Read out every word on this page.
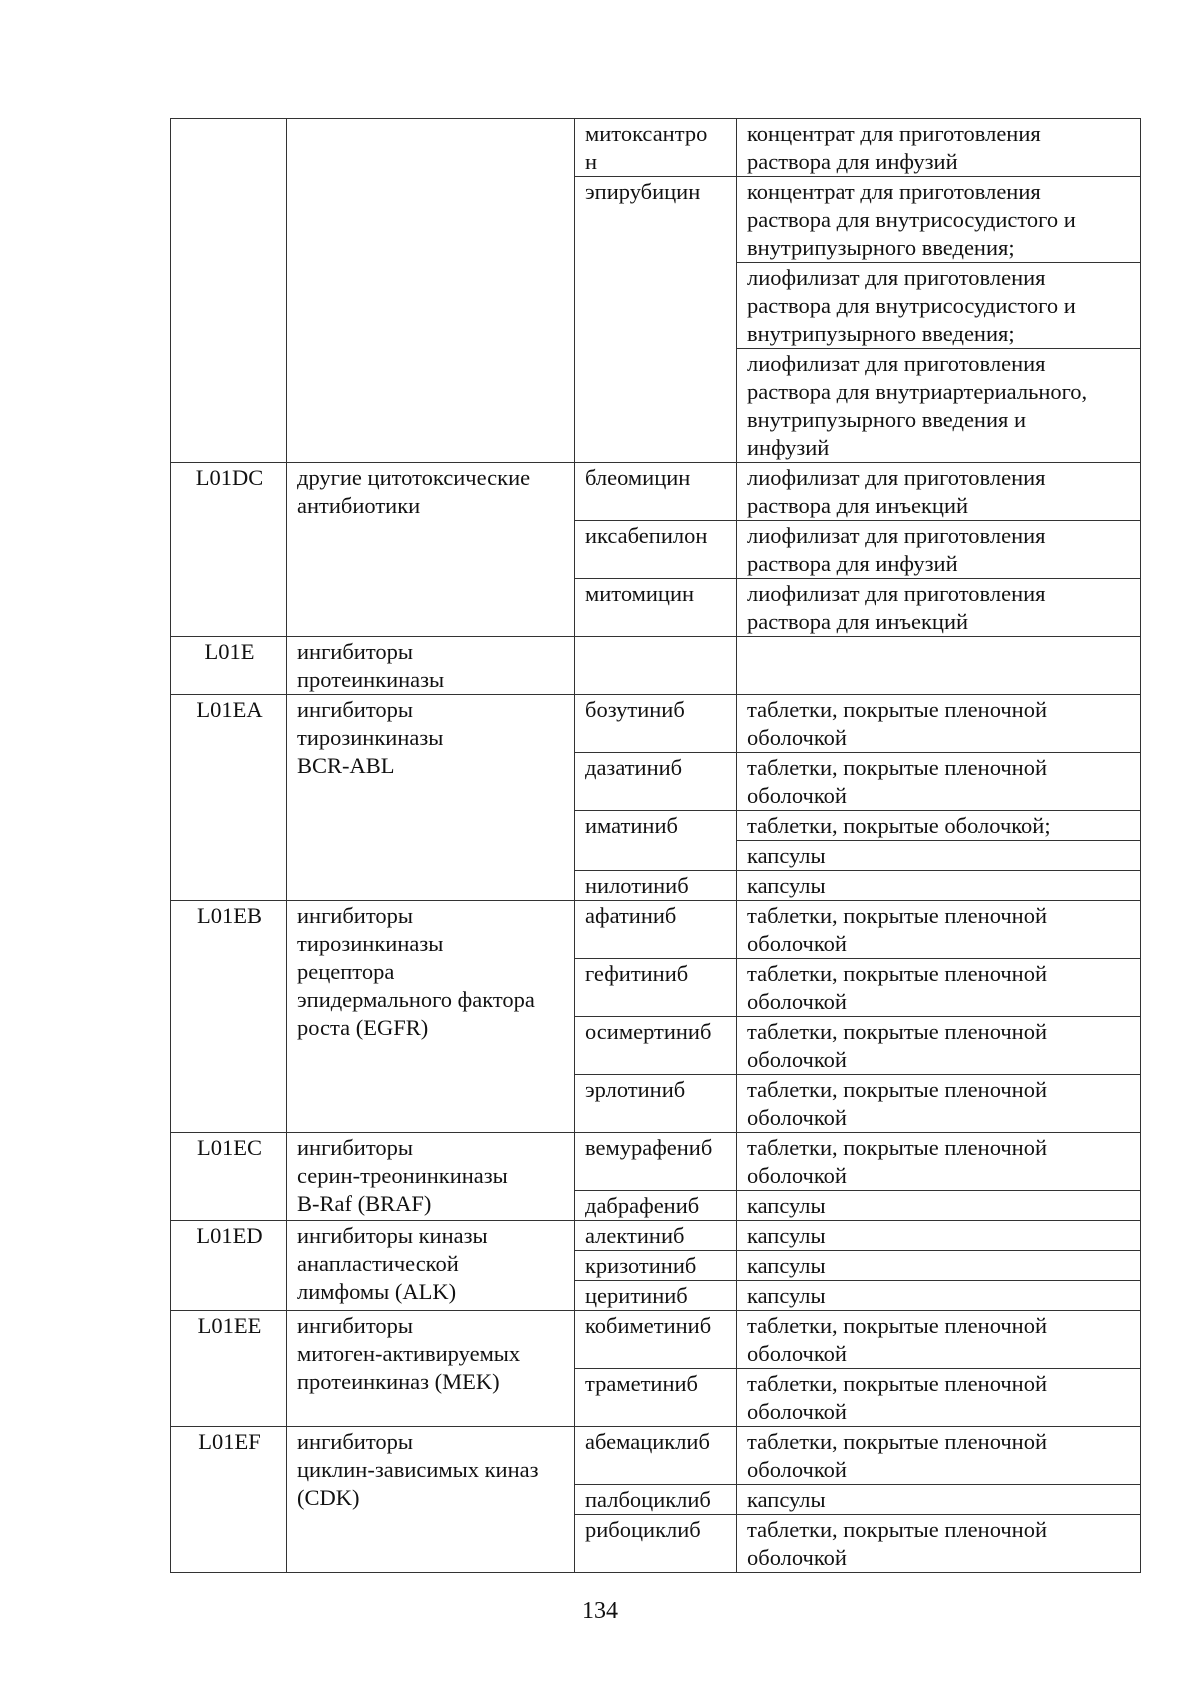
		митоксантро
н	концентрат для приготовления
раствора для инфузий
		эпирубицин	концентрат для приготовления
раствора для внутрисосудистого и
внутрипузырного введения;
			лиофилизат для приготовления
раствора для внутрисосудистого и
внутрипузырного введения;
			лиофилизат для приготовления
раствора для внутриартериального,
внутрипузырного введения и
инфузий
L01DC	другие цитотоксические
антибиотики	блеомицин	лиофилизат для приготовления
раствора для инъекций
		иксабепилон	лиофилизат для приготовления
раствора для инфузий
		митомицин	лиофилизат для приготовления
раствора для инъекций
L01E	ингибиторы
протеинкиназы		
L01EA	ингибиторы
тирозинкиназы
BCR-ABL	бозутиниб	таблетки, покрытые пленочной
оболочкой
		дазатиниб	таблетки, покрытые пленочной
оболочкой
		иматиниб	таблетки, покрытые оболочкой;
			капсулы
		нилотиниб	капсулы
L01EB	ингибиторы
тирозинкиназы
рецептора
эпидермального фактора
роста (EGFR)	афатиниб	таблетки, покрытые пленочной
оболочкой
		гефитиниб	таблетки, покрытые пленочной
оболочкой
		осимертиниб	таблетки, покрытые пленочной
оболочкой
		эрлотиниб	таблетки, покрытые пленочной
оболочкой
L01EC	ингибиторы
серин-треонинкиназы
B-Raf (BRAF)	вемурафениб	таблетки, покрытые пленочной
оболочкой
		дабрафениб	капсулы
L01ED	ингибиторы киназы
анапластической
лимфомы (ALK)	алектиниб	капсулы
		кризотиниб	капсулы
		церитиниб	капсулы
L01EE	ингибиторы
митоген-активируемых
протеинкиназ (MEK)	кобиметиниб	таблетки, покрытые пленочной
оболочкой
		траметиниб	таблетки, покрытые пленочной
оболочкой
L01EF	ингибиторы
циклин-зависимых киназ
(CDK)	абемациклиб	таблетки, покрытые пленочной
оболочкой
		палбоциклиб	капсулы
		рибоциклиб	таблетки, покрытые пленочной
оболочкой
134
